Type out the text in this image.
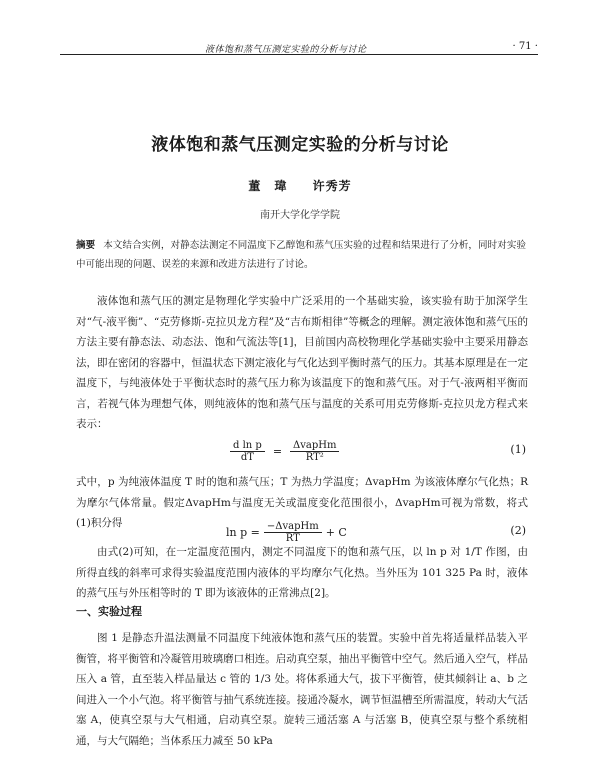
液体饱和蒸气压测定实验的分析与讨论	· 71 ·
液体饱和蒸气压测定实验的分析与讨论
董　瑋 许秀芳
南开大学化学学院
摘要 本文结合实例，对静态法测定不同温度下乙醇饱和蒸气压实验的过程和结果进行了分析，同时对实验中可能出现的问题、误差的来源和改进方法进行了讨论。
液体饱和蒸气压的测定是物理化学实验中广泛采用的一个基础实验，该实验有助于加深学生对“气-液平衡”、“克劳修斯-克拉贝龙方程”及“吉布斯相律”等概念的理解。测定液体饱和蒸气压的方法主要有静态法、动态法、饱和气流法等[1]，目前国内高校物理化学基础实验中主要采用静态法，即在密闭的容器中，恒温状态下测定液化与气化达到平衡时蒸气的压力。其基本原理是在一定温度下，与纯液体处于平衡状态时的蒸气压力称为该温度下的饱和蒸气压。对于气-液两相平衡而言，若视气体为理想气体，则纯液体的饱和蒸气压与温度的关系可用克劳修斯-克拉贝龙方程式来表示：
$\frac{\text{d ln p}}{dT} = \frac{\text{ΔvapHm}}{\text{RT²}}$	(1)
式中，p 为纯液体温度 T 时的饱和蒸气压；T 为热力学温度；ΔvapHm 为该液体摩尔气化热；R 为摩尔气体常量。假定ΔvapHm与温度无关或温度变化范围很小，ΔvapHm可视为常数，将式(1)积分得
$\ln p = \frac{\text{−ΔvapHm}}{RT} + C$	(2)
由式(2)可知，在一定温度范围内，测定不同温度下的饱和蒸气压，以 ln p 对 1/T 作图，由所得直线的斜率可求得实验温度范围内液体的平均摩尔气化热。当外压为 101 325 Pa 时，液体的蒸气压与外压相等时的 T 即为该液体的正常沸点[2]。
一、实验过程
图 1 是静态升温法测量不同温度下纯液体饱和蒸气压的装置。实验中首先将适量样品装入平衡管，将平衡管和冷凝管用玻璃磨口相连。启动真空泵，抽出平衡管中空气。然后通入空气，样品压入 a 管，直至装入样品量达 c 管的 1/3 处。将体系通大气，拔下平衡管，使其倾斜让 a、b 之间进入一个小气泡。将平衡管与抽气系统连接。接通冷凝水，调节恒温槽至所需温度，转动大气活塞 A，使真空泵与大气相通，启动真空泵。旋转三通活塞 A 与活塞 B，使真空泵与整个系统相通，与大气隔绝；当体系压力减至 50 kPa
